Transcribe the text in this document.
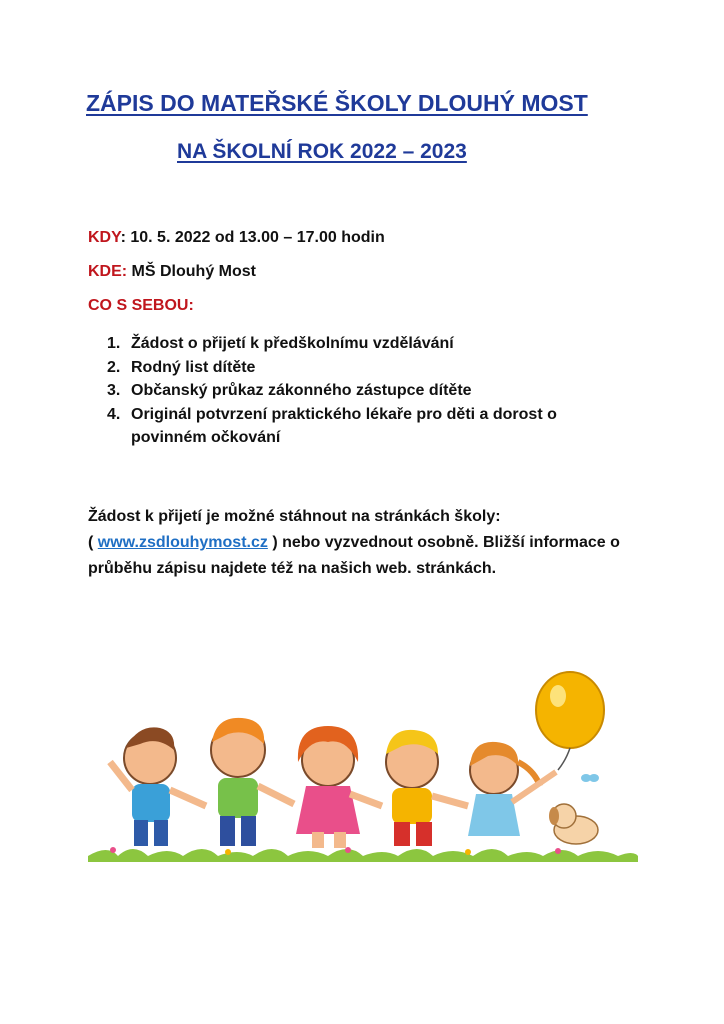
ZÁPIS DO MATEŘSKÉ ŠKOLY DLOUHÝ MOST
NA ŠKOLNÍ ROK 2022 – 2023
KDY: 10. 5. 2022 od 13.00 – 17.00 hodin
KDE: MŠ Dlouhý Most
CO S SEBOU:
1. Žádost o přijetí k předškolnímu vzdělávání
2. Rodný list dítěte
3. Občanský průkaz zákonného zástupce dítěte
4. Originál potvrzení praktického lékaře pro děti a dorost o povinném očkování
Žádost k přijetí je možné stáhnout na stránkách školy:
( www.zsdlouhymost.cz ) nebo vyzvednout osobně. Bližší informace o průběhu zápisu najdete též na našich web. stránkách.
